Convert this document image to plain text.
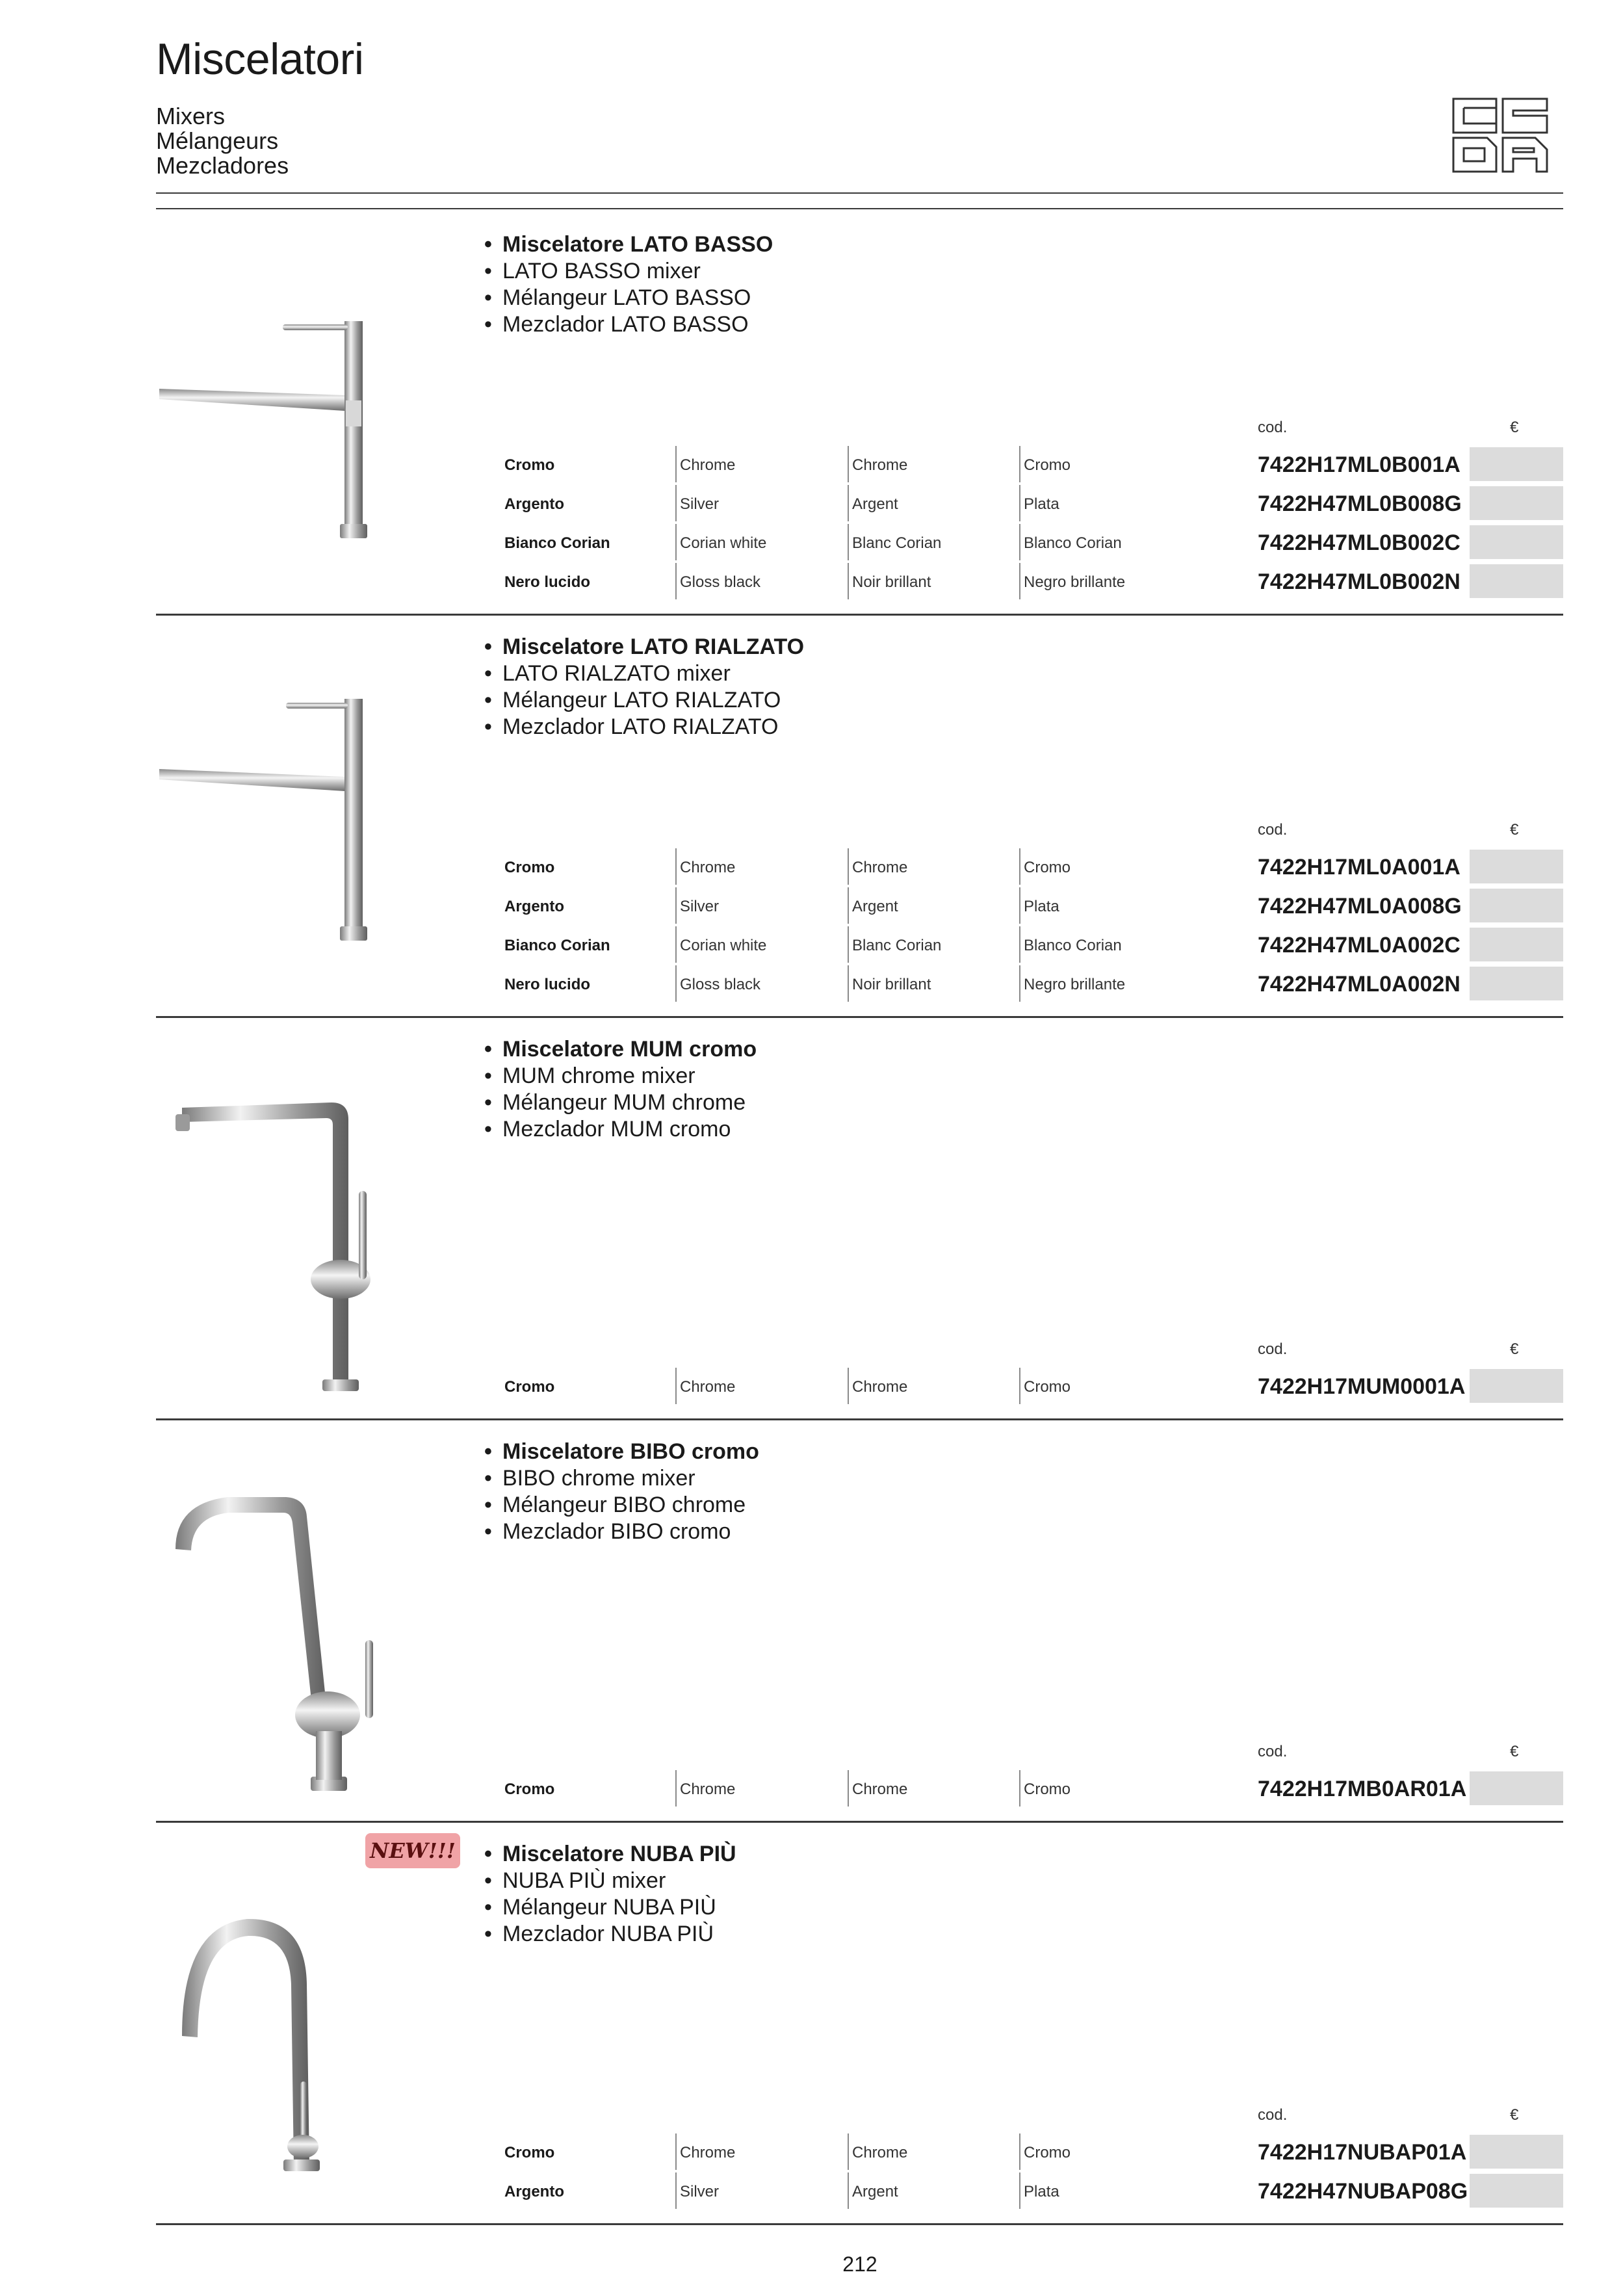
Miscelatori
Mixers
Mélangeurs
Mezcladores
• Miscelatore LATO BASSO
• LATO BASSO mixer
• Mélangeur LATO BASSO
• Mezclador LATO BASSO
cod.	€
Cromo	Chrome	Chrome	Cromo	7422H17ML0B001A
Argento	Silver	Argent	Plata	7422H47ML0B008G
Bianco Corian	Corian white	Blanc Corian	Blanco Corian	7422H47ML0B002C
Nero lucido	Gloss black	Noir brillant	Negro brillante	7422H47ML0B002N
• Miscelatore LATO RIALZATO
• LATO RIALZATO mixer
• Mélangeur LATO RIALZATO
• Mezclador LATO RIALZATO
cod.	€
Cromo	Chrome	Chrome	Cromo	7422H17ML0A001A
Argento	Silver	Argent	Plata	7422H47ML0A008G
Bianco Corian	Corian white	Blanc Corian	Blanco Corian	7422H47ML0A002C
Nero lucido	Gloss black	Noir brillant	Negro brillante	7422H47ML0A002N
• Miscelatore MUM cromo
• MUM chrome mixer
• Mélangeur MUM chrome
• Mezclador MUM cromo
cod.	€
Cromo	Chrome	Chrome	Cromo	7422H17MUM0001A
• Miscelatore BIBO cromo
• BIBO chrome mixer
• Mélangeur BIBO chrome
• Mezclador BIBO cromo
cod.	€
Cromo	Chrome	Chrome	Cromo	7422H17MB0AR01A
NEW!!!
•	Miscelatore NUBA PIÙ
• NUBA PIÙ mixer
• Mélangeur NUBA PIÙ
• Mezclador NUBA PIÙ
cod.	€
Cromo	Chrome	Chrome	Cromo	7422H17NUBAP01A
Argento	Silver	Argent	Plata	7422H47NUBAP08G
212
